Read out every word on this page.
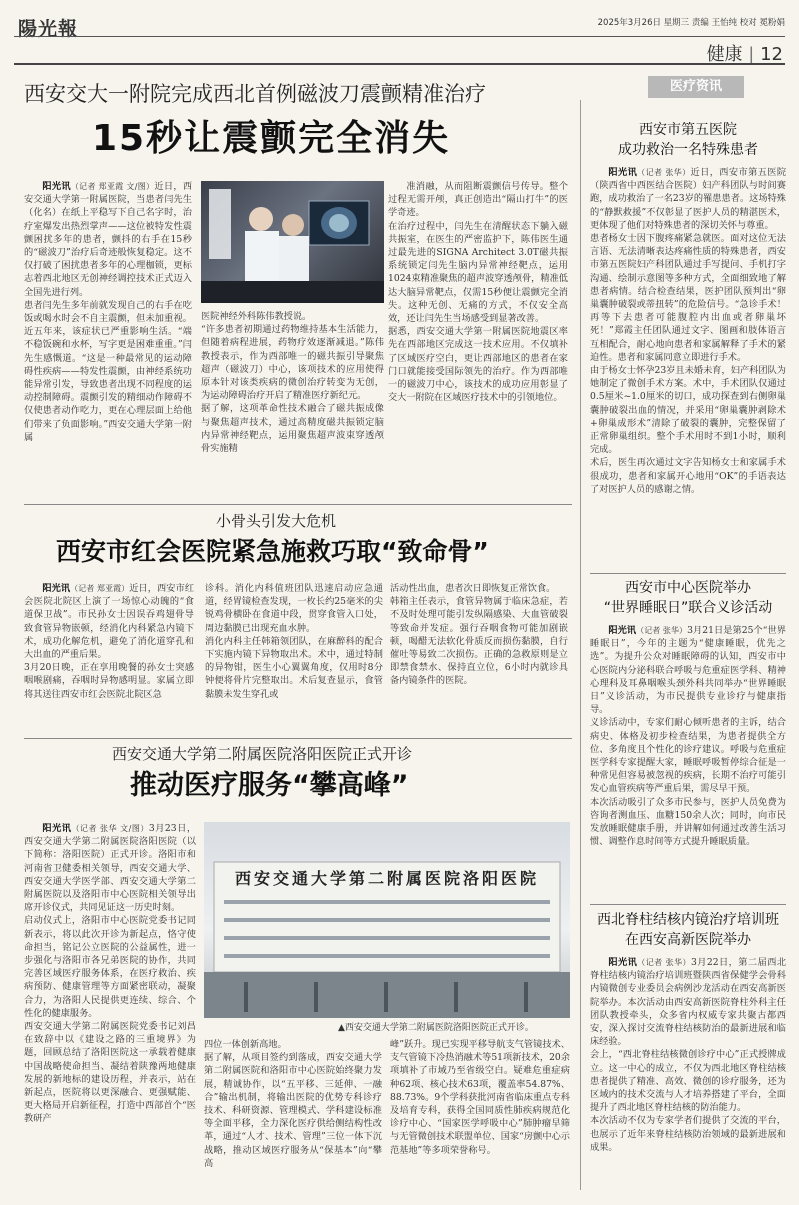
陽光報	2025年3月26日 星期三 责编 王怡纯 校对 冕粉娟
健康 | 12
医疗资讯
西安交大一附院完成西北首例磁波刀震颤精准治疗
15秒让震颤完全消失

阳光讯（记者 郑亚霞 文/图）近日，西安交通大学第一附属医院，当患者闫先生（化名）在纸上平稳写下自己名字时，治疗室爆发出热烈掌声——这位被特发性震颤困扰多年的患者，颤抖的右手在15秒的“磁波刀”治疗后奇迹般恢复稳定。这不仅打破了困扰患者多年的心理枷锁，更标志着西北地区无创神经调控技术正式迈入全国先进行列。
患者闫先生多年前就发现自己的右手在吃饭或喝水时会不自主震颤，但未加重视。近五年来，该症状已严重影响生活。“端不稳饭碗和水杯，写字更是困难重重。”闫先生感慨道。“这是一种最常见的运动障碍性疾病——特发性震颤，由神经系统功能异常引发，导致患者出现不同程度的运动控制障碍。震颤引发的精细动作障碍不仅使患者动作吃力，更在心理层面上给他们带来了负面影响。”西安交通大学第一附属

医院神经外科陈伟教授说。
“许多患者初期通过药物维持基本生活能力，但随着病程进展，药物疗效逐渐减退。”陈伟教授表示，作为西部唯一的磁共振引导聚焦超声（磁波刀）中心，该项技术的应用使得原本针对该类疾病的微创治疗转变为无创，为运动障碍治疗开启了精准医疗新纪元。
据了解，这项革命性技术融合了磁共振成像与聚焦超声技术，通过高精度磁共振锁定脑内异常神经靶点，运用聚焦超声波束穿透颅骨实施精

准消融，从而阻断震颤信号传导。整个过程无需开颅，真正创造出“隔山打牛”的医学奇迹。
在治疗过程中，闫先生在清醒状态下躺入磁共振室，在医生的严密监护下，陈伟医生通过最先进的SIGNA Architect 3.0T磁共振系统锁定闫先生脑内异常神经靶点，运用1024束精准聚焦的超声波穿透颅骨，精准低达大脑异常靶点，仅需15秒便让震颤完全消失。这种无创、无痛的方式，不仅安全高效，还让闫先生当场感受到显著改善。
据悉，西安交通大学第一附属医院地震区率先在西部地区完成这一技术应用。不仅填补了区域医疗空白，更让西部地区的患者在家门口就能接受国际领先的治疗。作为西部唯一的磁波刀中心，该技术的成功应用彰显了交大一附院在区域医疗技术中的引领地位。

小骨头引发大危机
西安市红会医院紧急施救巧取“致命骨”

阳光讯（记者 郑亚霞）近日，西安市红会医院北院区上演了一场惊心动魄的“食道保卫战”。市民孙女士因误吞鸡翅骨导致食管异物嵌顿，经消化内科紧急内镜下术，成功化解危机，避免了消化道穿孔和大出血的严重后果。
3月20日晚，正在享用晚餐的孙女士突感咽喉剧痛，吞咽时异物感明显。家属立即将其送往西安市红会医院北院区急

诊科。消化内科值班团队迅速启动应急通道，经胃镜检查发现，一枚长约25毫米的尖锐鸡骨横卧在食道中段，贯穿食管入口处，周边黏膜已出现充血水肿。
消化内科主任韩箱领团队，在麻醉科的配合下实施内镜下异物取出术。术中，通过特制的异物钳，医生小心翼翼角度，仅用时8分钟便将骨片完整取出。术后复查显示，食管黏膜未发生穿孔或

活动性出血，患者次日即恢复正常饮食。
韩箱主任表示，食管异物属于临床急症，若不及时处理可能引发纵隔感染、大血管破裂等致命并发症。强行吞咽食物可能加剧嵌顿，喝醋无法软化骨质反而损伤黏膜，自行催吐等易致二次损伤。正确的急救原则是立即禁食禁水、保持直立位，6小时内就诊具备内镜条件的医院。

西安交通大学第二附属医院洛阳医院正式开诊
推动医疗服务“攀高峰”

阳光讯（记者 张华 文/图）3月23日，西安交通大学第二附属医院洛阳医院（以下简称：洛阳医院）正式开诊。洛阳市和河南省卫健委相关领导，西安交通大学、西安交通大学医学部、西安交通大学第二附属医院以及洛阳市中心医院相关领导出席开诊仪式，共同见证这一历史时刻。
启动仪式上，洛阳市中心医院党委书记同新表示，将以此次开诊为新起点，恪守使命担当，铭记公立医院的公益属性，进一步强化与洛阳市各兄弟医院的协作，共同完善区域医疗服务体系，在医疗救治、疾病预防、健康管理等方面紧密联动，凝聚合力，为洛阳人民提供更连续、综合、个性化的健康服务。
西安交通大学第二附属医院党委书记刘昌在致辞中以《建设之路的三重境界》为题，回顾总结了洛阳医院这一承载着健康中国战略使命担当、凝结着陕豫两地健康发展的新地标的建设历程，并表示，站在新起点，医院将以更深融合、更强赋能、更大格局开启新征程，打造中西部首个“医教研产

西安交通大学第二附属医院洛阳医院
▲西安交通大学第二附属医院洛阳医院正式开诊。

四位一体创新高地。
据了解，从项目签约到落成，西安交通大学第二附属医院和洛阳市中心医院始终聚力发展，精诚协作，以“五平移、三延伸、一融合”输出机制，将输出医院的优势专科诊疗技术、科研资源、管理模式、学科建设标准等全面平移，全力深化医疗供给侧结构性改革，通过“人才、技术、管理”三位一体下沉战略，推动区域医疗服务从“保基本”向“攀高

峰”跃升。现已实现平移导航支气管镜技术、支气管镜下冷热消融术等51项新技术，20余项填补了市域乃至省级空白。疑难危重症病种62项、核心技术63项，覆盖率54.87%、88.73%。9个学科获批河南省临床重点专科及培育专科，获得全国同质性肺疾病规范化诊疗中心、“国家医学呼吸中心”肺肿瘤早筛与无管微创技术联盟单位、国家“房颤中心示范基地”等多项荣誉称号。

西安市第五医院
成功救治一名特殊患者

阳光讯（记者 张华）近日，西安市第五医院（陕西省中西医结合医院）妇产科团队与时间赛跑，成功救治了一名23岁的罹患患者。这场特殊的“静默救援”不仅彰显了医护人员的精湛医术，更体现了他们对特殊患者的深切关怀与尊重。
患者杨女士因下腹疼痛紧急就医。面对这位无法言语、无法清晰表达疼痛性质的特殊患者，西安市第五医院妇产科团队通过手写提问、手机打字沟通、绘制示意图等多种方式，全面细致地了解患者病情。结合检查结果，医护团队预判出“卵巢囊肿破裂或蒂扭转”的危险信号。“急诊手术！再等下去患者可能腹腔内出血或者卵巢坏死！”郑霞主任团队通过文字、图画和肢体语言互相配合，耐心地向患者和家属解释了手术的紧迫性。患者和家属同意立即进行手术。
由于杨女士怀孕23岁且未婚未育，妇产科团队为她制定了微创手术方案。术中，手术团队仅通过0.5厘米~1.0厘米的切口，成功探查到右侧卵巢囊肿破裂出血的情况，并采用“卵巢囊肿剥除术+卵巢成形术”清除了破裂的囊肿，完整保留了正常卵巢组织。整个手术用时不到1小时，顺利完成。
术后，医生再次通过文字告知杨女士和家属手术很成功，患者和家属开心地用“OK”的手语表达了对医护人员的感谢之情。

西安市中心医院举办
“世界睡眠日”联合义诊活动

阳光讯（记者 张华）3月21日是第25个“世界睡眠日”，今年的主题为“健康睡眠，优先之选”。为提升公众对睡眠障碍的认知，西安市中心医院内分泌科联合呼吸与危重症医学科、精神心理科及耳鼻咽喉头颈外科共同举办“世界睡眠日”义诊活动，为市民提供专业诊疗与健康指导。
义诊活动中，专家们耐心倾听患者的主诉，结合病史、体格及初步检查结果，为患者提供全方位、多角度且个性化的诊疗建议。呼吸与危重症医学科专家提醒大家，睡眠呼吸暂停综合征是一种常见但容易被忽视的疾病，长期不治疗可能引发心血管疾病等严重后果，需尽早干预。
本次活动吸引了众多市民参与，医护人员免费为咨询者测血压、血糖150余人次；同时，向市民发放睡眠健康手册，并讲解如何通过改善生活习惯、调整作息时间等方式提升睡眠质量。

西北脊柱结核内镜治疗培训班
在西安高新医院举办

阳光讯（记者 张华）3月22日，第二届西北脊柱结核内镜治疗培训班暨陕西省保健学会骨科内镜微创专业委员会病例沙龙活动在西安高新医院举办。本次活动由西安高新医院脊柱外科主任团队教授牵头，众多省内权威专家共聚古都西安，深入探讨交流脊柱结核防治的最新进展和临床经验。
会上，“西北脊柱结核微创诊疗中心”正式授牌成立。这一中心的成立，不仅为西北地区脊柱结核患者提供了精准、高效、微创的诊疗服务，还为区域内的技术交流与人才培养搭建了平台，全面提升了西北地区脊柱结核的防治能力。
本次活动不仅为专家学者们提供了交流的平台，也展示了近年来脊柱结核防治领域的最新进展和成果。
